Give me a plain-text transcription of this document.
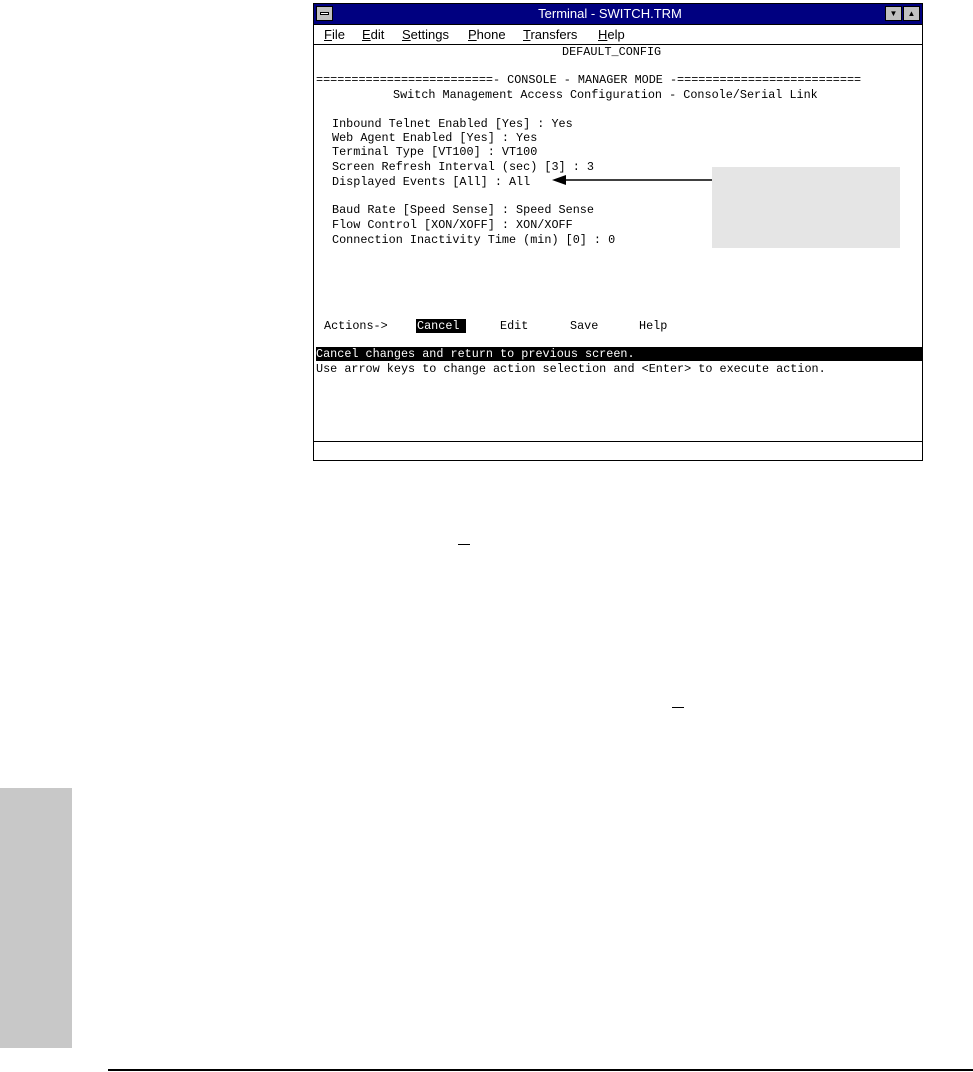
Terminal - SWITCH.TRM	▼	▲
File Edit Settings Phone Transfers Help

DEFAULT_CONFIG

=========================- CONSOLE - MANAGER MODE -==========================

Switch Management Access Configuration - Console/Serial Link

Inbound Telnet Enabled [Yes] : Yes

Web Agent Enabled [Yes] : Yes

Terminal Type [VT100] : VT100

Screen Refresh Interval (sec) [3] : 3

Displayed Events [All] : All

Baud Rate [Speed Sense] : Speed Sense

Flow Control [XON/XOFF] : XON/XOFF

Connection Inactivity Time (min) [0] : 0

Actions->

Cancel

	Edit

	Save

	Help

Cancel changes and return to previous screen.

Use arrow keys to change action selection and <Enter> to execute action.
